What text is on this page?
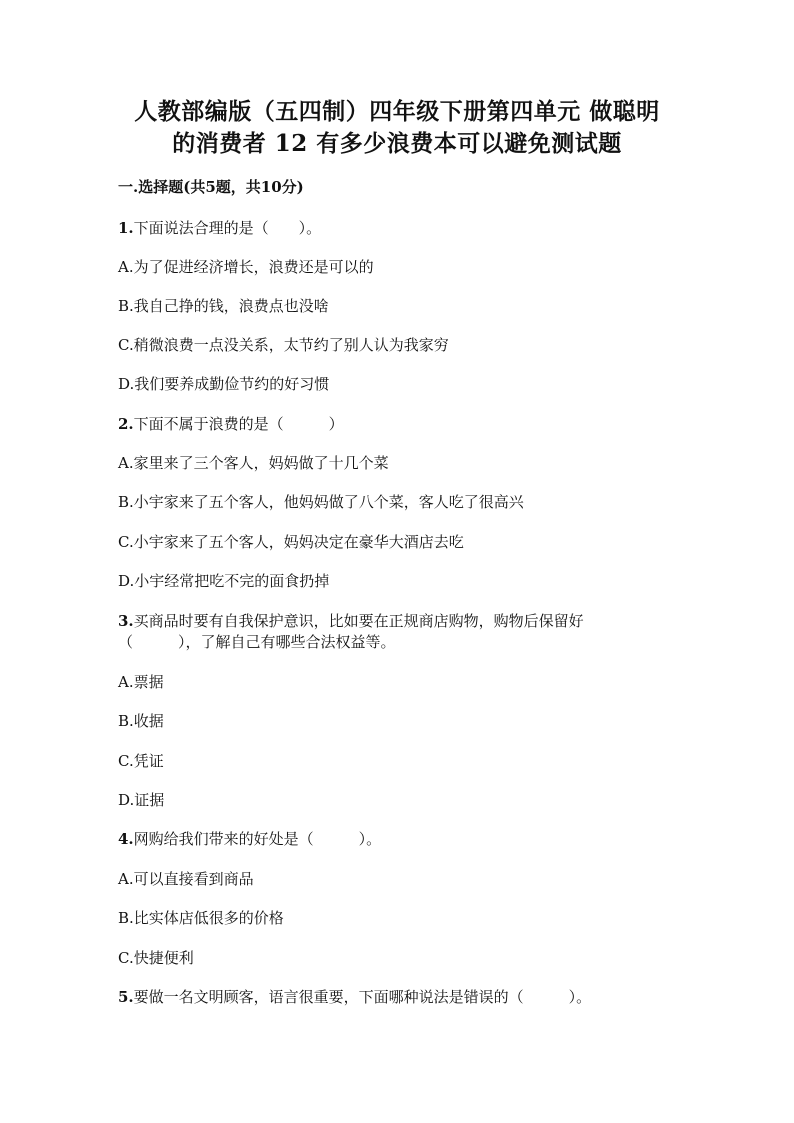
人教部编版（五四制）四年级下册第四单元 做聪明
的消费者 12 有多少浪费本可以避免测试题
一.选择题(共5题，共10分)
1.下面说法合理的是（　　）。
A.为了促进经济增长，浪费还是可以的
B.我自己挣的钱，浪费点也没啥
C.稍微浪费一点没关系，太节约了别人认为我家穷
D.我们要养成勤俭节约的好习惯
2.下面不属于浪费的是（　　　）
A.家里来了三个客人，妈妈做了十几个菜
B.小宇家来了五个客人，他妈妈做了八个菜，客人吃了很高兴
C.小宇家来了五个客人，妈妈决定在豪华大酒店去吃
D.小宇经常把吃不完的面食扔掉
3.买商品时要有自我保护意识，比如要在正规商店购物，购物后保留好
（　　　），了解自己有哪些合法权益等。
A.票据
B.收据
C.凭证
D.证据
4.网购给我们带来的好处是（　　　）。
A.可以直接看到商品
B.比实体店低很多的价格
C.快捷便利
5.要做一名文明顾客，语言很重要，下面哪种说法是错误的（　　　）。
